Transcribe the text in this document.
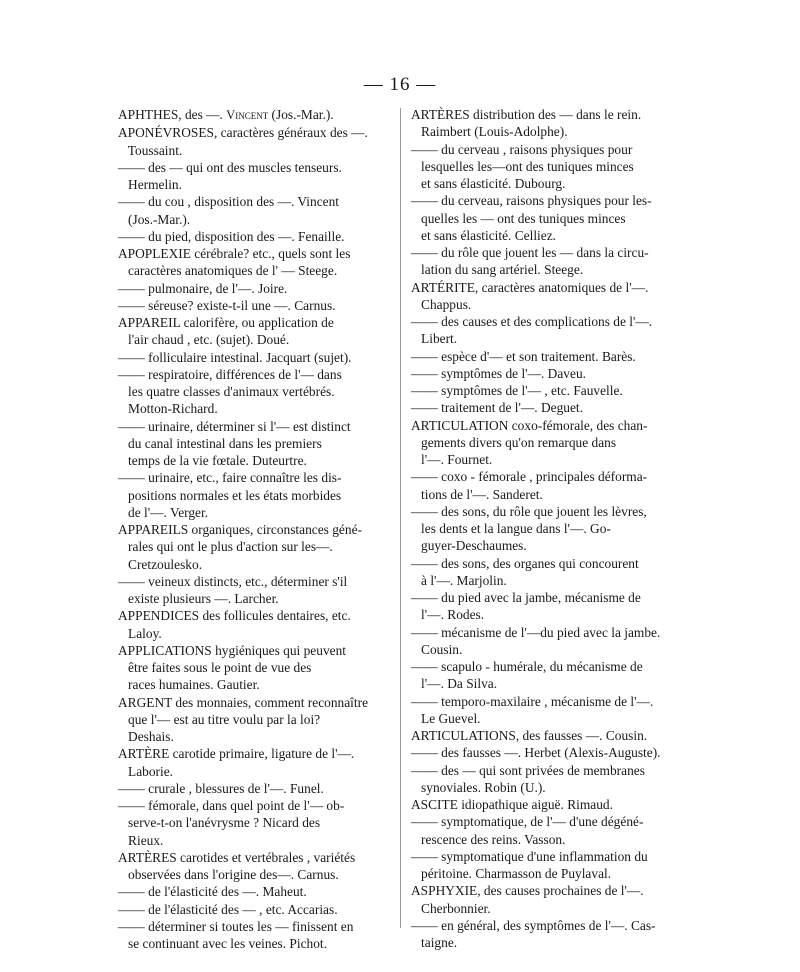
— 16 —
APHTHES, des —. Vincent (Jos.-Mar.).
APONÉVROSES, caractères généraux des —.
Toussaint.
—— des — qui ont des muscles tenseurs.
Hermelin.
—— du cou , disposition des —. Vincent
(Jos.-Mar.).
—— du pied, disposition des —. Fenaille.
APOPLEXIE cérébrale? etc., quels sont les
caractères anatomiques de l' — Steege.
—— pulmonaire, de l'—. Joire.
—— séreuse? existe-t-il une —. Carnus.
APPAREIL calorifère, ou application de
l'air chaud , etc. (sujet). Doué.
—— folliculaire intestinal. Jacquart (sujet).
—— respiratoire, différences de l'— dans
les quatre classes d'animaux vertébrés.
Motton-Richard.
—— urinaire, déterminer si l'— est distinct
du canal intestinal dans les premiers
temps de la vie fœtale. Duteurtre.
—— urinaire, etc., faire connaître les dis-
positions normales et les états morbides
de l'—. Verger.
APPAREILS organiques, circonstances géné-
rales qui ont le plus d'action sur les—.
Cretzoulesko.
—— veineux distincts, etc., déterminer s'il
existe plusieurs —. Larcher.
APPENDICES des follicules dentaires, etc.
Laloy.
APPLICATIONS hygiéniques qui peuvent
être faites sous le point de vue des
races humaines. Gautier.
ARGENT des monnaies, comment reconnaître
que l'— est au titre voulu par la loi?
Deshais.
ARTÈRE carotide primaire, ligature de l'—.
Laborie.
—— crurale , blessures de l'—. Funel.
—— fémorale, dans quel point de l'— ob-
serve-t-on l'anévrysme ? Nicard des
Rieux.
ARTÈRES carotides et vertébrales , variétés
observées dans l'origine des—. Carnus.
—— de l'élasticité des —. Maheut.
—— de l'élasticité des — , etc. Accarias.
—— déterminer si toutes les — finissent en
se continuant avec les veines. Pichot.
ARTÈRES distribution des — dans le rein.
Raimbert (Louis-Adolphe).
—— du cerveau , raisons physiques pour
lesquelles les—ont des tuniques minces
et sans élasticité. Dubourg.
—— du cerveau, raisons physiques pour les-
quelles les — ont des tuniques minces
et sans élasticité. Celliez.
—— du rôle que jouent les — dans la circu-
lation du sang artériel. Steege.
ARTÉRITE, caractères anatomiques de l'—.
Chappus.
—— des causes et des complications de l'—.
Libert.
—— espèce d'— et son traitement. Barès.
—— symptômes de l'—. Daveu.
—— symptômes de l'— , etc. Fauvelle.
—— traitement de l'—. Deguet.
ARTICULATION coxo-fémorale, des chan-
gements divers qu'on remarque dans
l'—. Fournet.
—— coxo - fémorale , principales déforma-
tions de l'—. Sanderet.
—— des sons, du rôle que jouent les lèvres,
les dents et la langue dans l'—. Go-
guyer-Deschaumes.
—— des sons, des organes qui concourent
à l'—. Marjolin.
—— du pied avec la jambe, mécanisme de
l'—. Rodes.
—— mécanisme de l'—du pied avec la jambe.
Cousin.
—— scapulo - humérale, du mécanisme de
l'—. Da Silva.
—— temporo-maxilaire , mécanisme de l'—.
Le Guevel.
ARTICULATIONS, des fausses —. Cousin.
—— des fausses —. Herbet (Alexis-Auguste).
—— des — qui sont privées de membranes
synoviales. Robin (U.).
ASCITE idiopathique aiguë. Rimaud.
—— symptomatique, de l'— d'une dégéné-
rescence des reins. Vasson.
—— symptomatique d'une inflammation du
péritoine. Charmasson de Puylaval.
ASPHYXIE, des causes prochaines de l'—.
Cherbonnier.
—— en général, des symptômes de l'—. Cas-
taigne.
